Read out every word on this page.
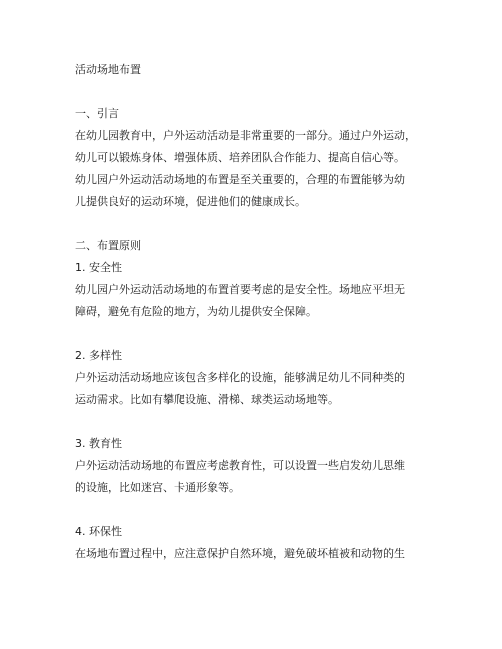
活动场地布置
一、引言
在幼儿园教育中，户外运动活动是非常重要的一部分。通过户外运动，
幼儿可以锻炼身体、增强体质、培养团队合作能力、提高自信心等。
幼儿园户外运动活动场地的布置是至关重要的，合理的布置能够为幼
儿提供良好的运动环境，促进他们的健康成长。
二、布置原则
1. 安全性
幼儿园户外运动活动场地的布置首要考虑的是安全性。场地应平坦无
障碍，避免有危险的地方，为幼儿提供安全保障。
2. 多样性
户外运动活动场地应该包含多样化的设施，能够满足幼儿不同种类的
运动需求。比如有攀爬设施、滑梯、球类运动场地等。
3. 教育性
户外运动活动场地的布置应考虑教育性，可以设置一些启发幼儿思维
的设施，比如迷宫、卡通形象等。
4. 环保性
在场地布置过程中，应注意保护自然环境，避免破坏植被和动物的生
